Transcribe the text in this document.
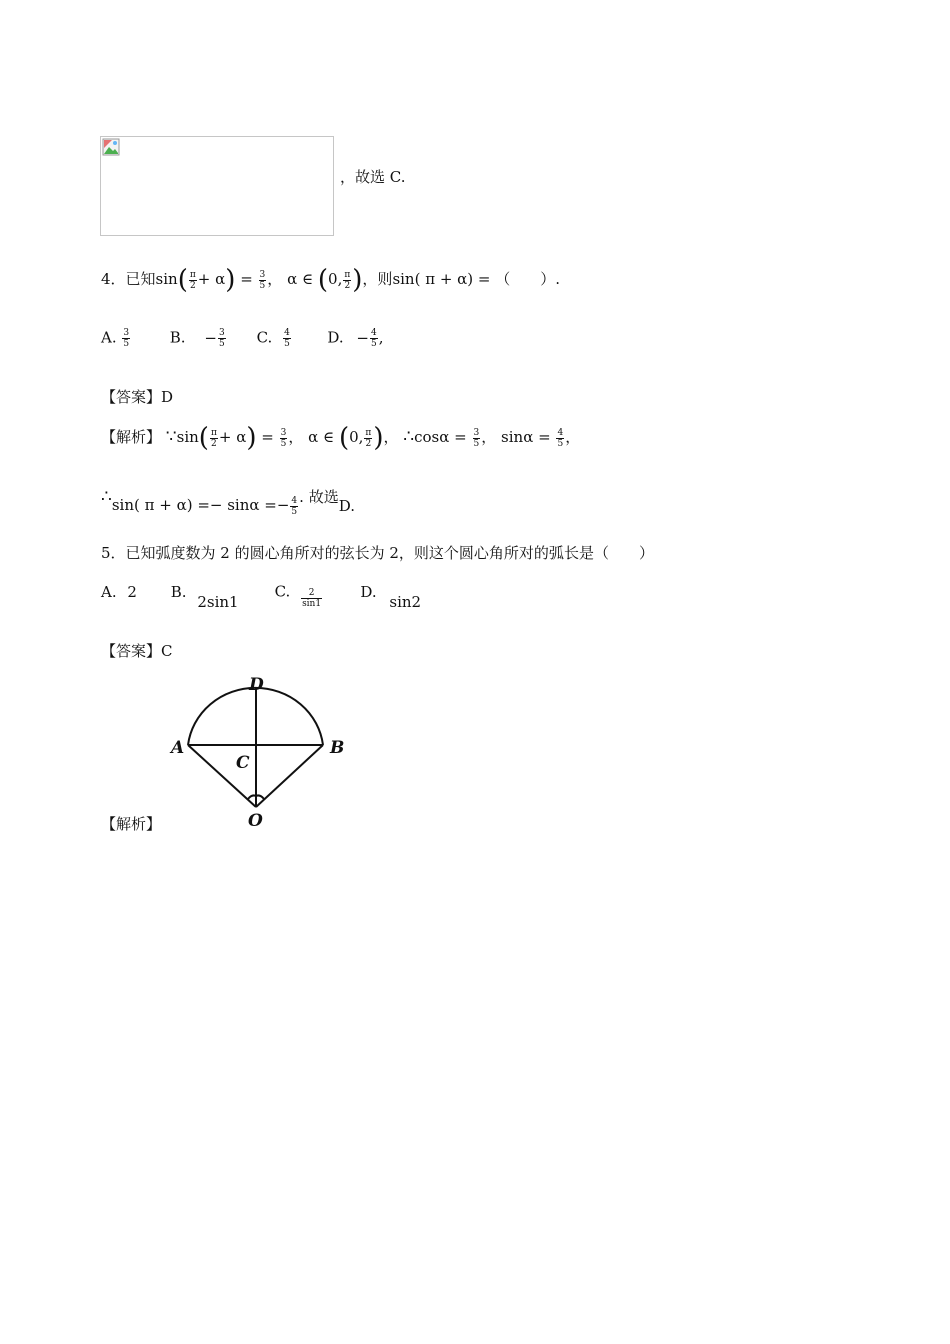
，故选 C.
4．已知$\sin( \frac{\pi}{2} + \alpha) = \frac{3}{5}$ ， α ∈ (0, $\frac{\pi}{2}$ )，则sin( π + α) = （　　）.
A. $\frac{3}{5}$	B. − $\frac{3}{5} C$. $\frac{4}{5} D$. − $\frac{4}{5}$ ,
【答案】D
【解析】 ∵sin( $\frac{\pi}{2} + \alpha) = \frac{3}{5}$ ， α ∈ (0, $\frac{\pi}{2}$ )， ∴cosα = $\frac{3}{5}$ ， $\sin\alpha = \frac{4}{5}$ ，
∴sin( $\pi + \alpha) =- \sin\alpha =- \frac{4}{5}$ . 故选D.
5．已知弧度数为 2 的圆心角所对的弦长为 2，则这个圆心角所对的弧长是（　　）
A. 2 B. 2sin1 C. $\frac{2}{\sin 1}$	D. sin2
【答案】C
D
A	B
C
O
【解析】
